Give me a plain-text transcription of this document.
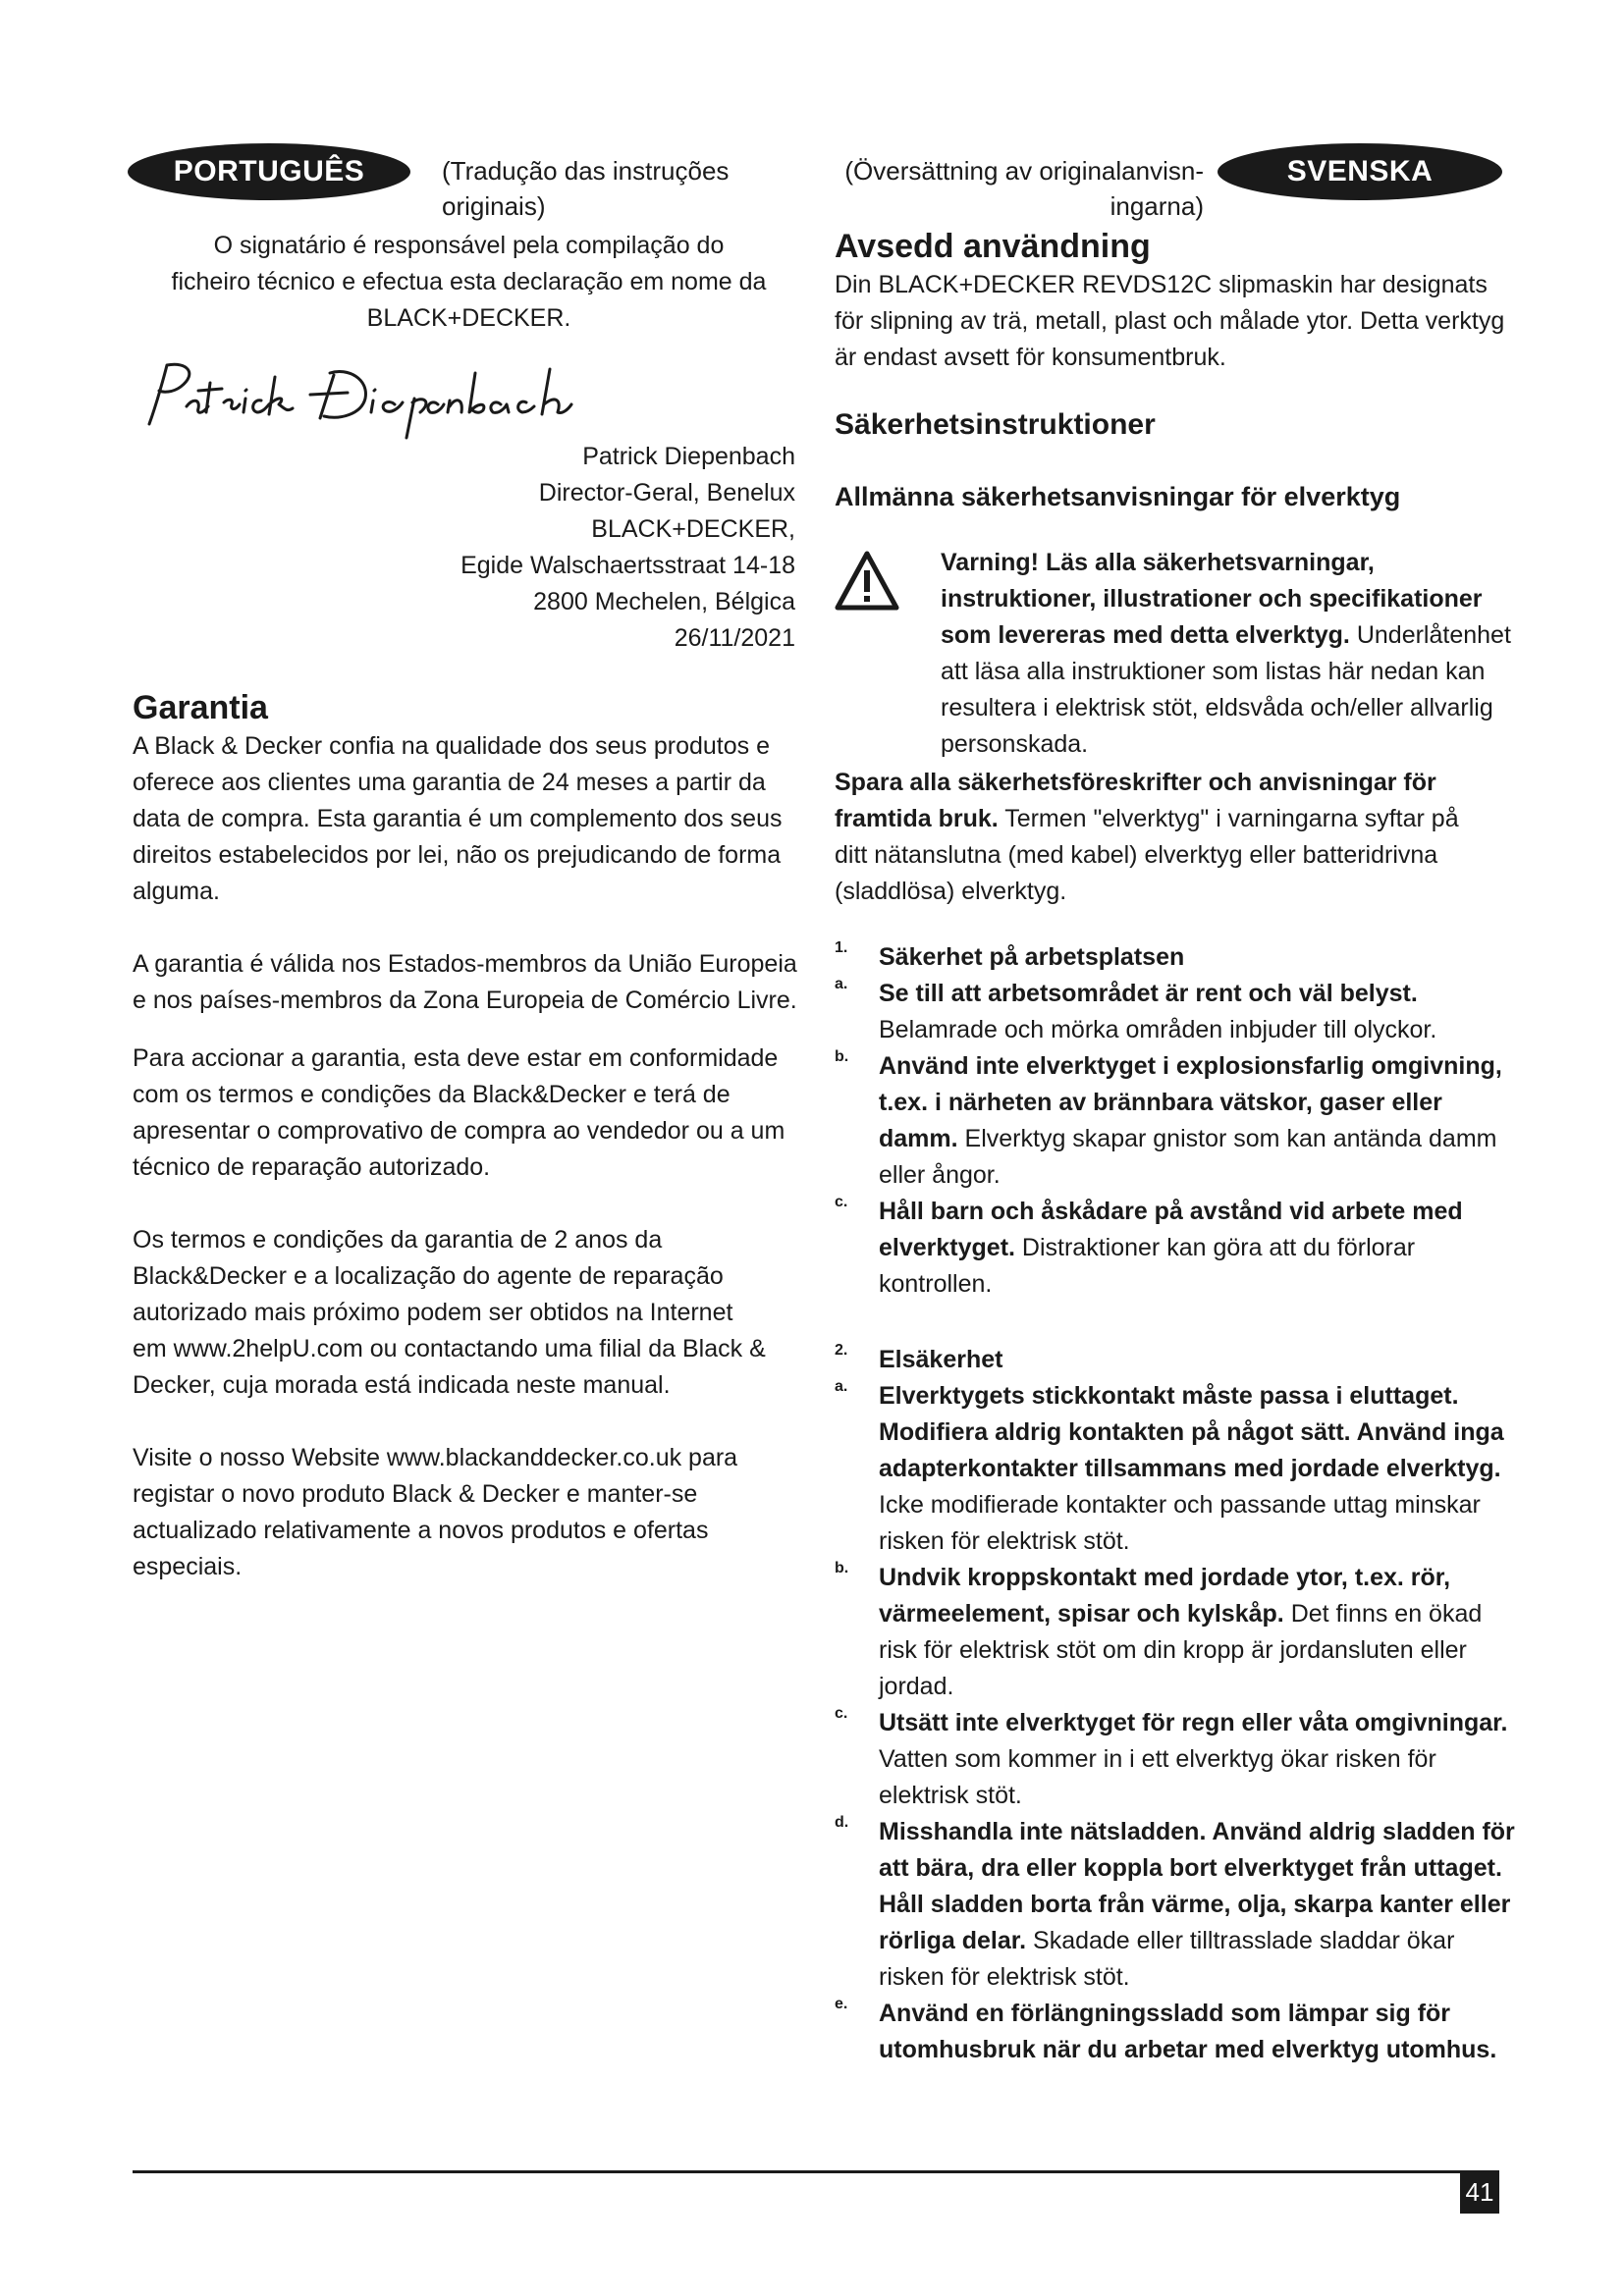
PORTUGUÊS	(Tradução das instruções
originais)
(Översättning av originalanvisn-
ingarna)
SVENSKA

O signatário é responsável pela compilação do

ficheiro técnico e efectua esta declaração em nome da

BLACK+DECKER.

Patrick Diepenbach

Director-Geral, Benelux

BLACK+DECKER,

Egide Walschaertsstraat 14-18

2800 Mechelen, Bélgica

26/11/2021

Garantia

A Black & Decker confia na qualidade dos seus produtos e

oferece aos clientes uma garantia de 24 meses a partir da

data de compra. Esta garantia é um complemento dos seus

direitos estabelecidos por lei, não os prejudicando de forma

alguma.

A garantia é válida nos Estados-membros da União Europeia

e nos países-membros da Zona Europeia de Comércio Livre.

Para accionar a garantia, esta deve estar em conformidade

com os termos e condições da Black&Decker e terá de

apresentar o comprovativo de compra ao vendedor ou a um

técnico de reparação autorizado.

Os termos e condições da garantia de 2 anos da

Black&Decker e a localização do agente de reparação

autorizado mais próximo podem ser obtidos na Internet

em www.2helpU.com ou contactando uma filial da Black &

Decker, cuja morada está indicada neste manual.

Visite o nosso Website www.blackanddecker.co.uk para

registar o novo produto Black & Decker e manter-se

actualizado relativamente a novos produtos e ofertas

especiais.

Avsedd användning

Din BLACK+DECKER REVDS12C slipmaskin har designats

för slipning av trä, metall, plast och målade ytor. Detta verktyg

är endast avsett för konsumentbruk.

Säkerhetsinstruktioner
Allmänna säkerhetsanvisningar för elverktyg

Varning! Läs alla säkerhetsvarningar,

instruktioner, illustrationer och specifikationer

som levereras med detta elverktyg. Underlåtenhet

att läsa alla instruktioner som listas här nedan kan

resultera i elektrisk stöt, eldsvåda och/eller allvarlig

personskada.

Spara alla säkerhetsföreskrifter och anvisningar för

framtida bruk. Termen "elverktyg" i varningarna syftar på

ditt nätanslutna (med kabel) elverktyg eller batteridrivna

(sladdlösa) elverktyg.

1. Säkerhet på arbetsplatsen

a. Se till att arbetsområdet är rent och väl belyst.

Belamrade och mörka områden inbjuder till olyckor.

b. Använd inte elverktyget i explosionsfarlig omgivning,

t.ex. i närheten av brännbara vätskor, gaser eller

damm. Elverktyg skapar gnistor som kan antända damm

eller ångor.

c. Håll barn och åskådare på avstånd vid arbete med

elverktyget. Distraktioner kan göra att du förlorar

kontrollen.

2. Elsäkerhet

a. Elverktygets stickkontakt måste passa i eluttaget.

Modifiera aldrig kontakten på något sätt. Använd inga

adapterkontakter tillsammans med jordade elverktyg.

Icke modifierade kontakter och passande uttag minskar

risken för elektrisk stöt.

b. Undvik kroppskontakt med jordade ytor, t.ex. rör,

värmeelement, spisar och kylskåp. Det finns en ökad

risk för elektrisk stöt om din kropp är jordansluten eller

jordad.

c. Utsätt inte elverktyget för regn eller våta omgivningar.

Vatten som kommer in i ett elverktyg ökar risken för

elektrisk stöt.

d. Misshandla inte nätsladden. Använd aldrig sladden för

att bära, dra eller koppla bort elverktyget från uttaget.

Håll sladden borta från värme, olja, skarpa kanter eller

rörliga delar. Skadade eller tilltrasslade sladdar ökar

risken för elektrisk stöt.

e. Använd en förlängningssladd som lämpar sig för

utomhusbruk när du arbetar med elverktyg utomhus.

41
